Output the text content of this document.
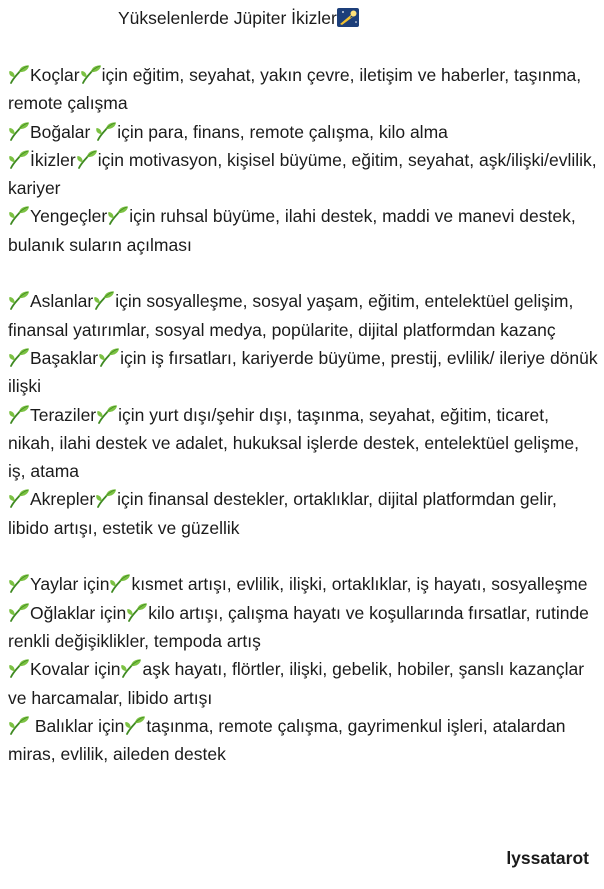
Yükselenlerde Jüpiter İkizler

Koçlar için eğitim, seyahat, yakın çevre, iletişim ve haberler, taşınma, remote çalışma

Boğalar için para, finans, remote çalışma, kilo alma

İkizler için motivasyon, kişisel büyüme, eğitim, seyahat, aşk/ilişki/evlilik, kariyer

Yengeçler için ruhsal büyüme, ilahi destek, maddi ve manevi destek, bulanık suların açılması

Aslanlar için sosyalleşme, sosyal yaşam, eğitim, entelektüel gelişim, finansal yatırımlar, sosyal medya, popülarite, dijital platformdan kazanç

Başaklar için iş fırsatları, kariyerde büyüme, prestij, evlilik/ ileriye dönük ilişki

Teraziler için yurt dışı/şehir dışı, taşınma, seyahat, eğitim, ticaret, nikah, ilahi destek ve adalet, hukuksal işlerde destek, entelektüel gelişme, iş, atama

Akrepler için finansal destekler, ortaklıklar, dijital platformdan gelir, libido artışı, estetik ve güzellik

Yaylar için kısmet artışı, evlilik, ilişki, ortaklıklar, iş hayatı, sosyalleşme

Oğlaklar için kilo artışı, çalışma hayatı ve koşullarında fırsatlar, rutinde renkli değişiklikler, tempoda artış

Kovalar için aşk hayatı, flörtler, ilişki, gebelik, hobiler, şanslı kazançlar ve harcamalar, libido artışı

Balıklar için taşınma, remote çalışma, gayrimenkul işleri, atalardan miras, evlilik, aileden destek

lyssatarot
